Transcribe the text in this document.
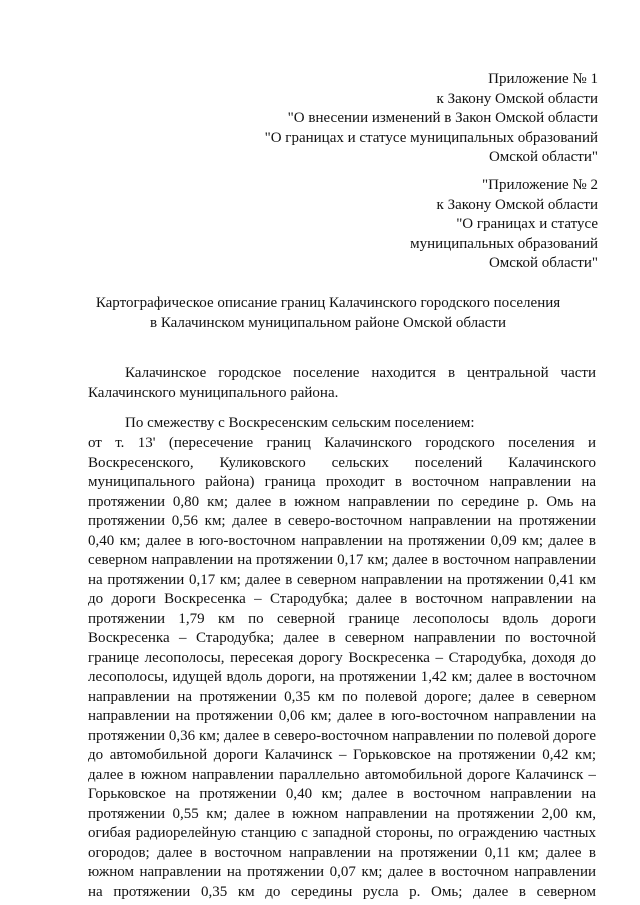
Приложение № 1
к Закону Омской области
"О внесении изменений в Закон Омской области
"О границах и статусе муниципальных образований
Омской области"
"Приложение № 2
к Закону Омской области
"О границах и статусе
муниципальных образований
Омской области"
Картографическое описание границ Калачинского городского поселения
в Калачинском муниципальном районе Омской области
Калачинское городское поселение находится в центральной части
Калачинского муниципального района.
По смежеству с Воскресенским сельским поселением:
от т. 13' (пересечение границ Калачинского городского поселения и
Воскресенского, Куликовского сельских поселений Калачинского
муниципального района) граница проходит в восточном направлении на
протяжении 0,80 км; далее в южном направлении по середине р. Омь на
протяжении 0,56 км; далее в северо-восточном направлении на протяжении
0,40 км; далее в юго-восточном направлении на протяжении 0,09 км; далее в
северном направлении на протяжении 0,17 км; далее в восточном направлении
на протяжении 0,17 км; далее в северном направлении на протяжении 0,41 км
до дороги Воскресенка – Стародубка; далее в восточном направлении на
протяжении 1,79 км по северной границе лесополосы вдоль дороги
Воскресенка – Стародубка; далее в северном направлении по восточной
границе лесополосы, пересекая дорогу Воскресенка – Стародубка, доходя до
лесополосы, идущей вдоль дороги, на протяжении 1,42 км; далее в восточном
направлении на протяжении 0,35 км по полевой дороге; далее в северном
направлении на протяжении 0,06 км; далее в юго-восточном направлении на
протяжении 0,36 км; далее в северо-восточном направлении по полевой дороге
до автомобильной дороги Калачинск – Горьковское на протяжении 0,42 км;
далее в южном направлении параллельно автомобильной дороге Калачинск –
Горьковское на протяжении 0,40 км; далее в восточном направлении на
протяжении 0,55 км; далее в южном направлении на протяжении 2,00 км,
огибая радиорелейную станцию с западной стороны, по ограждению частных
огородов; далее в восточном направлении на протяжении 0,11 км; далее в
южном направлении на протяжении 0,07 км; далее в восточном направлении
на протяжении 0,35 км до середины русла р. Омь; далее в северном
